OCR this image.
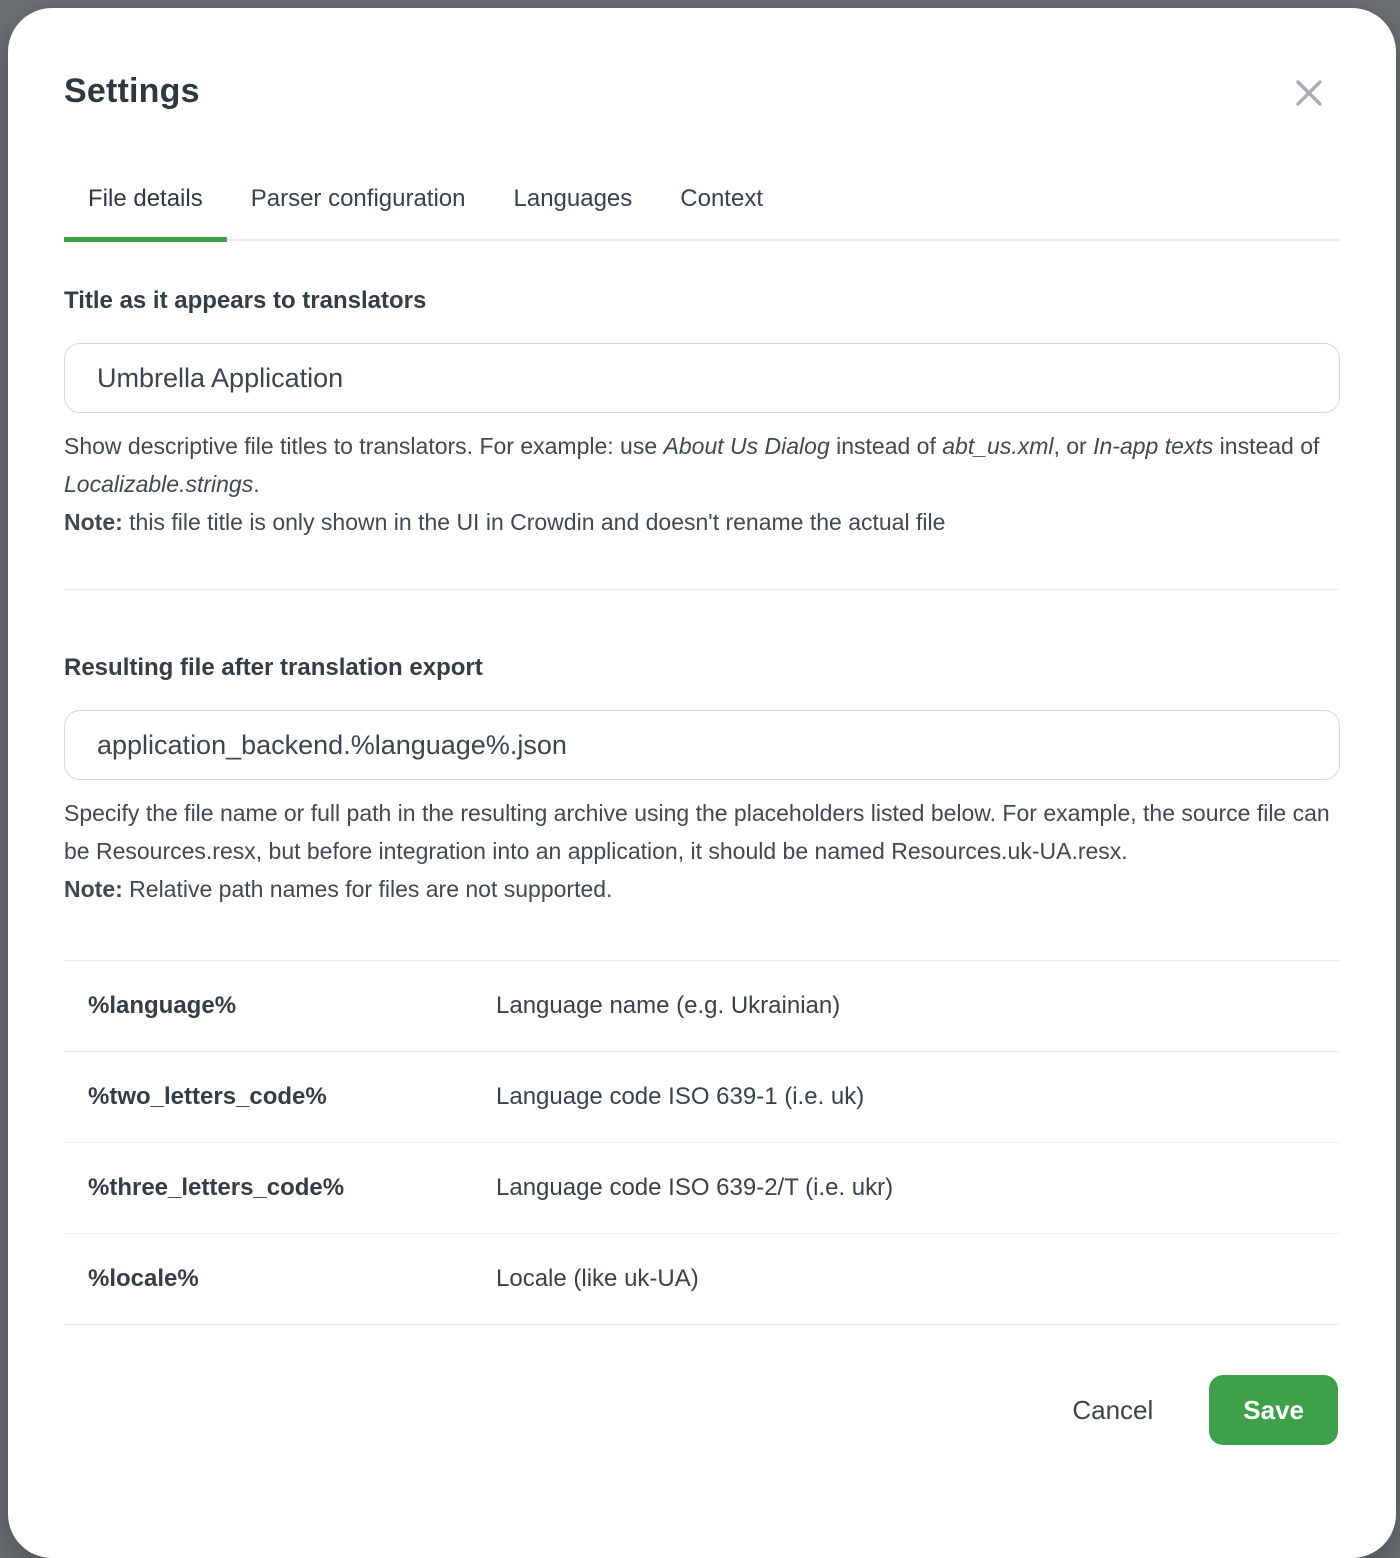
Settings
File details	Parser configuration	Languages	Context
Title as it appears to translators
Umbrella Application
Show descriptive file titles to translators. For example: use About Us Dialog instead of abt_us.xml, or In-app texts instead of Localizable.strings.
Note: this file title is only shown in the UI in Crowdin and doesn't rename the actual file
Resulting file after translation export
application_backend.%language%.json
Specify the file name or full path in the resulting archive using the placeholders listed below. For example, the source file can be Resources.resx, but before integration into an application, it should be named Resources.uk-UA.resx.
Note: Relative path names for files are not supported.
%language%	Language name (e.g. Ukrainian)
%two_letters_code%	Language code ISO 639-1 (i.e. uk)
%three_letters_code%	Language code ISO 639-2/T (i.e. ukr)
%locale%	Locale (like uk-UA)
Cancel	Save
